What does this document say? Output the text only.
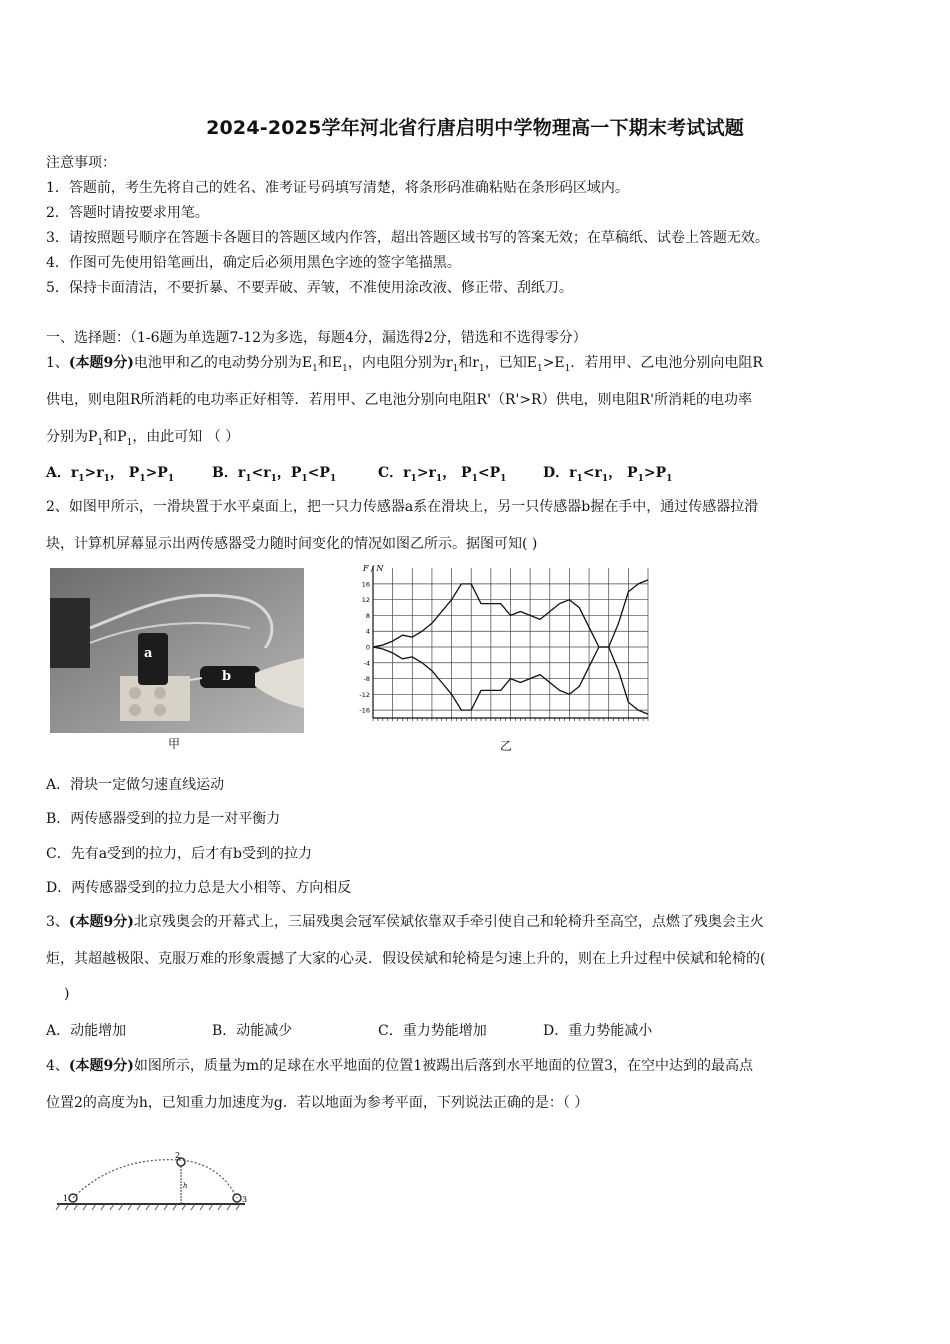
2024-2025学年河北省行唐启明中学物理高一下期末考试试题
注意事项：
1．答题前，考生先将自己的姓名、准考证号码填写清楚，将条形码准确粘贴在条形码区域内。
2．答题时请按要求用笔。
3．请按照题号顺序在答题卡各题目的答题区域内作答，超出答题区域书写的答案无效；在草稿纸、试卷上答题无效。
4．作图可先使用铅笔画出，确定后必须用黑色字迹的签字笔描黑。
5．保持卡面清洁，不要折暴、不要弄破、弄皱，不准使用涂改液、修正带、刮纸刀。
一、选择题：（1-6题为单选题7-12为多选，每题4分，漏选得2分，错选和不选得零分）
1、(本题9分)电池甲和乙的电动势分别为$E_1$和$E_1$，内电阻分别为$r_1$和$r_1$，已知$E_1>E_1$．若用甲、乙电池分别向电阻R
供电，则电阻R所消耗的电功率正好相等．若用甲、乙电池分别向电阻R'（R'>R）供电，则电阻R'所消耗的电功率
分别为$P_1$和$P_1$，由此可知 （ ）
A．$r_1>r_1$， $P_1>P_1$	B．$r_1<r_1$，$P_1<P_1$	C．$r_1>r_1$， $P_1<P_1$	D．$r_1<r_1$， $P_1>P_1$
2、如图甲所示，一滑块置于水平桌面上，把一只力传感器a系在滑块上，另一只传感器b握在手中，通过传感器拉滑
块，计算机屏幕显示出两传感器受力随时间变化的情况如图乙所示。据图可知( )
a
b
甲
16
12
8
4
0
-4
-8
-12
-16
F / N
乙
A．滑块一定做匀速直线运动
B．两传感器受到的拉力是一对平衡力
C．先有a受到的拉力，后才有b受到的拉力
D．两传感器受到的拉力总是大小相等、方向相反
3、(本题9分)北京残奥会的开幕式上，三届残奥会冠军侯斌依靠双手牵引使自己和轮椅升至高空，点燃了残奥会主火
炬，其超越极限、克服万难的形象震撼了大家的心灵．假设侯斌和轮椅是匀速上升的，则在上升过程中侯斌和轮椅的(
)
A．动能增加	B．动能减少	C．重力势能增加	D．重力势能减小
4、(本题9分)如图所示，质量为m的足球在水平地面的位置1被踢出后落到水平地面的位置3，在空中达到的最高点
位置2的高度为h，已知重力加速度为g．若以地面为参考平面，下列说法正确的是：（ ）
1
2
3
h
